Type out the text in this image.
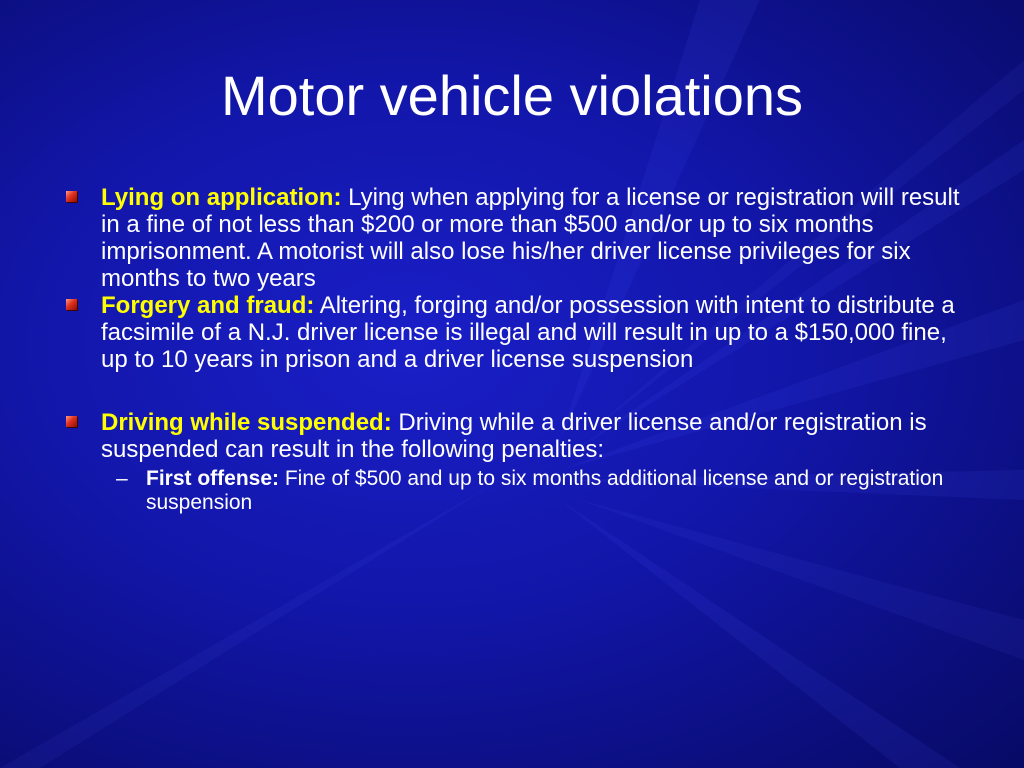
Motor vehicle violations
Lying on application: Lying when applying for a license or registration will result in a fine of not less than $200 or more than $500 and/or up to six months imprisonment. A motorist will also lose his/her driver license privileges for six months to two years
Forgery and fraud: Altering, forging and/or possession with intent to distribute a facsimile of a N.J. driver license is illegal and will result in up to a $150,000 fine, up to 10 years in prison and a driver license suspension
Driving while suspended: Driving while a driver license and/or registration is
suspended can result in the following penalties:
– First offense: Fine of $500 and up to six months additional license and or registration suspension
